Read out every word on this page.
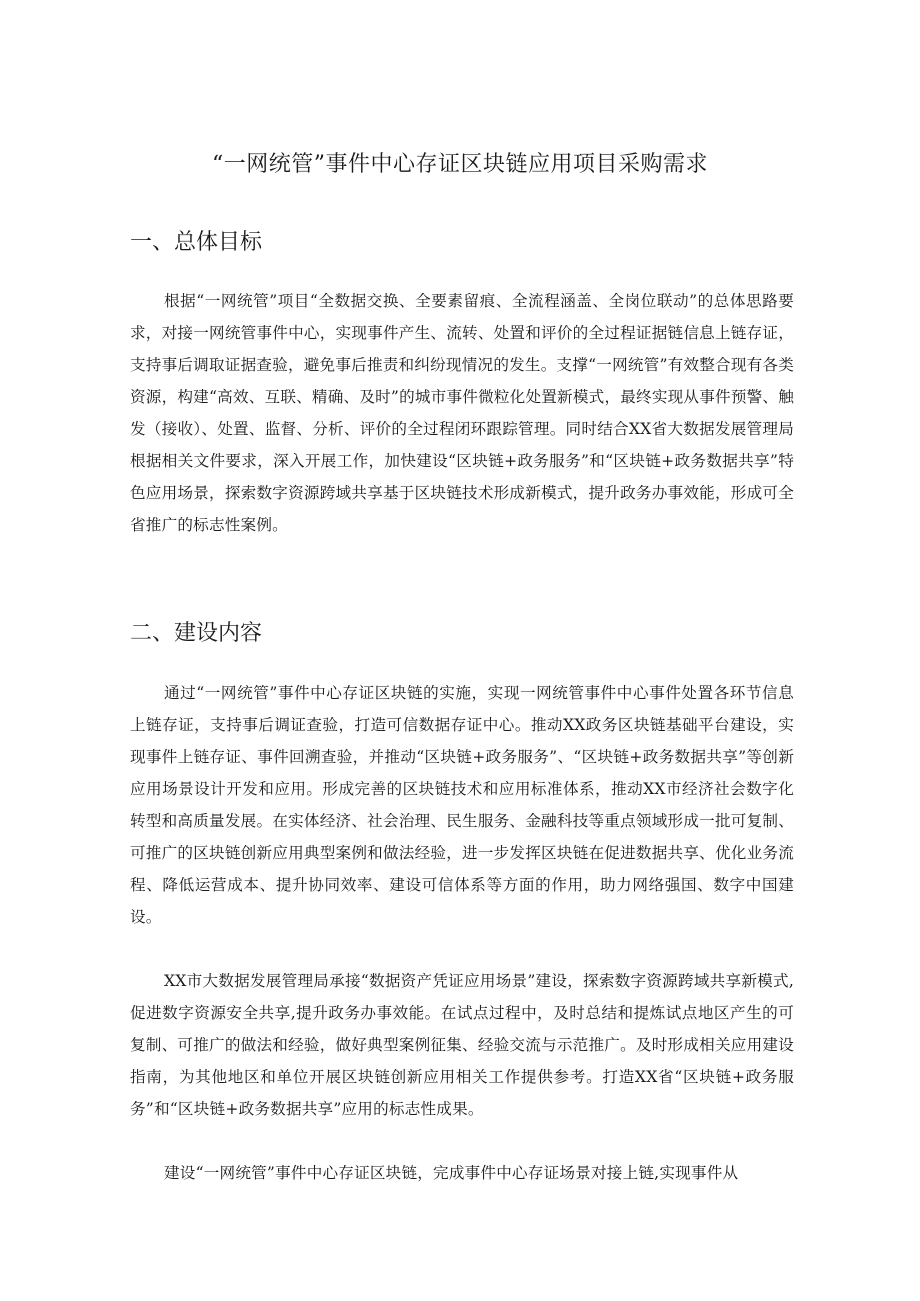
“一网统管”事件中心存证区块链应用项目采购需求
一、总体目标

根据“一网统管”项目“全数据交换、全要素留痕、全流程涵盖、全岗位联动”的总体思路要求，对接一网统管事件中心，实现事件产生、流转、处置和评价的全过程证据链信息上链存证，支持事后调取证据查验，避免事后推责和纠纷现情况的发生。支撑“一网统管”有效整合现有各类资源，构建“高效、互联、精确、及时”的城市事件微粒化处置新模式，最终实现从事件预警、触发（接收）、处置、监督、分析、评价的全过程闭环跟踪管理。同时结合XX省大数据发展管理局根据相关文件要求，深入开展工作，加快建设“区块链+政务服务”和“区块链+政务数据共享”特色应用场景，探索数字资源跨域共享基于区块链技术形成新模式，提升政务办事效能，形成可全省推广的标志性案例。

二、建设内容

通过“一网统管”事件中心存证区块链的实施，实现一网统管事件中心事件处置各环节信息上链存证，支持事后调证查验，打造可信数据存证中心。推动XX政务区块链基础平台建设，实现事件上链存证、事件回溯查验，并推动“区块链+政务服务”、“区块链+政务数据共享”等创新应用场景设计开发和应用。形成完善的区块链技术和应用标准体系，推动XX市经济社会数字化转型和高质量发展。在实体经济、社会治理、民生服务、金融科技等重点领域形成一批可复制、可推广的区块链创新应用典型案例和做法经验，进一步发挥区块链在促进数据共享、优化业务流程、降低运营成本、提升协同效率、建设可信体系等方面的作用，助力网络强国、数字中国建设。

XX市大数据发展管理局承接“数据资产凭证应用场景”建设，探索数字资源跨域共享新模式,促进数字资源安全共享,提升政务办事效能。在试点过程中，及时总结和提炼试点地区产生的可复制、可推广的做法和经验，做好典型案例征集、经验交流与示范推广。及时形成相关应用建设指南，为其他地区和单位开展区块链创新应用相关工作提供参考。打造XX省“区块链+政务服务”和“区块链+政务数据共享”应用的标志性成果。

建设“一网统管”事件中心存证区块链，完成事件中心存证场景对接上链,实现事件从
